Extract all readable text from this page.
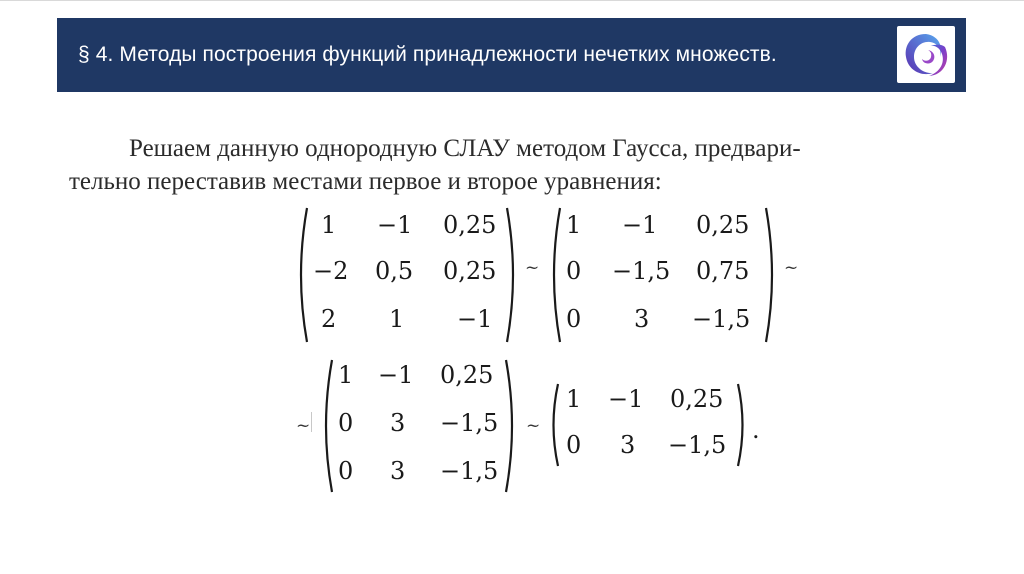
§ 4. Методы построения функций принадлежности нечетких множеств.
Решаем данную однородную СЛАУ методом Гаусса, предвари-
тельно переставив местами первое и второе уравнения:
1 −1 0,25
−2 0,5 0,25
2 1 −1
~
1 −1 0,25
0 −1,5 0,75
0 3 −1,5
~
~
1 −1 0,25
0 3 −1,5
0 3 −1,5
~
1 −1 0,25
0 3 −1,5
.
